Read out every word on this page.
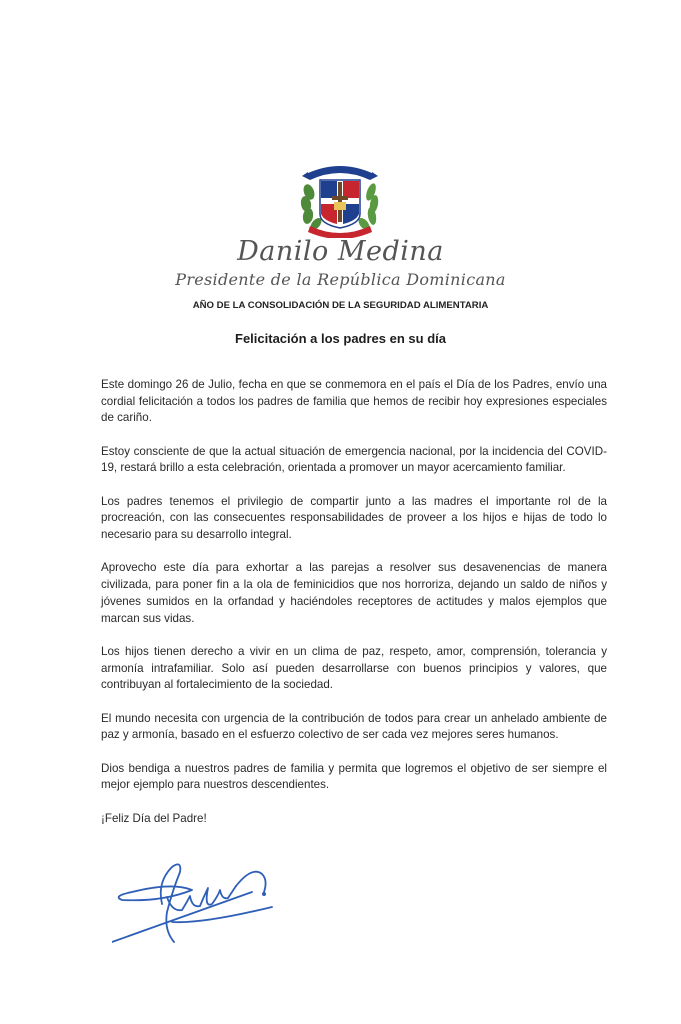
Danilo Medina
Presidente de la República Dominicana
AÑO DE LA CONSOLIDACIÓN DE LA SEGURIDAD ALIMENTARIA
Felicitación a los padres en su día

Este domingo 26 de Julio, fecha en que se conmemora en el país el Día de los Padres, envío una cordial felicitación a todos los padres de familia que hemos de recibir hoy expresiones especiales de cariño.

Estoy consciente de que la actual situación de emergencia nacional, por la incidencia del COVID-19, restará brillo a esta celebración, orientada a promover un mayor acercamiento familiar.

Los padres tenemos el privilegio de compartir junto a las madres el importante rol de la procreación, con las consecuentes responsabilidades de proveer a los hijos e hijas de todo lo necesario para su desarrollo integral.

Aprovecho este día para exhortar a las parejas a resolver sus desavenencias de manera civilizada, para poner fin a la ola de feminicidios que nos horroriza, dejando un saldo de niños y jóvenes sumidos en la orfandad y haciéndoles receptores de actitudes y malos ejemplos que marcan sus vidas.

Los hijos tienen derecho a vivir en un clima de paz, respeto, amor, comprensión, tolerancia y armonía intrafamiliar. Solo así pueden desarrollarse con buenos principios y valores, que contribuyan al fortalecimiento de la sociedad.

El mundo necesita con urgencia de la contribución de todos para crear un anhelado ambiente de paz y armonía, basado en el esfuerzo colectivo de ser cada vez mejores seres humanos.

Dios bendiga a nuestros padres de familia y permita que logremos el objetivo de ser siempre el mejor ejemplo para nuestros descendientes.

¡Feliz Día del Padre!
